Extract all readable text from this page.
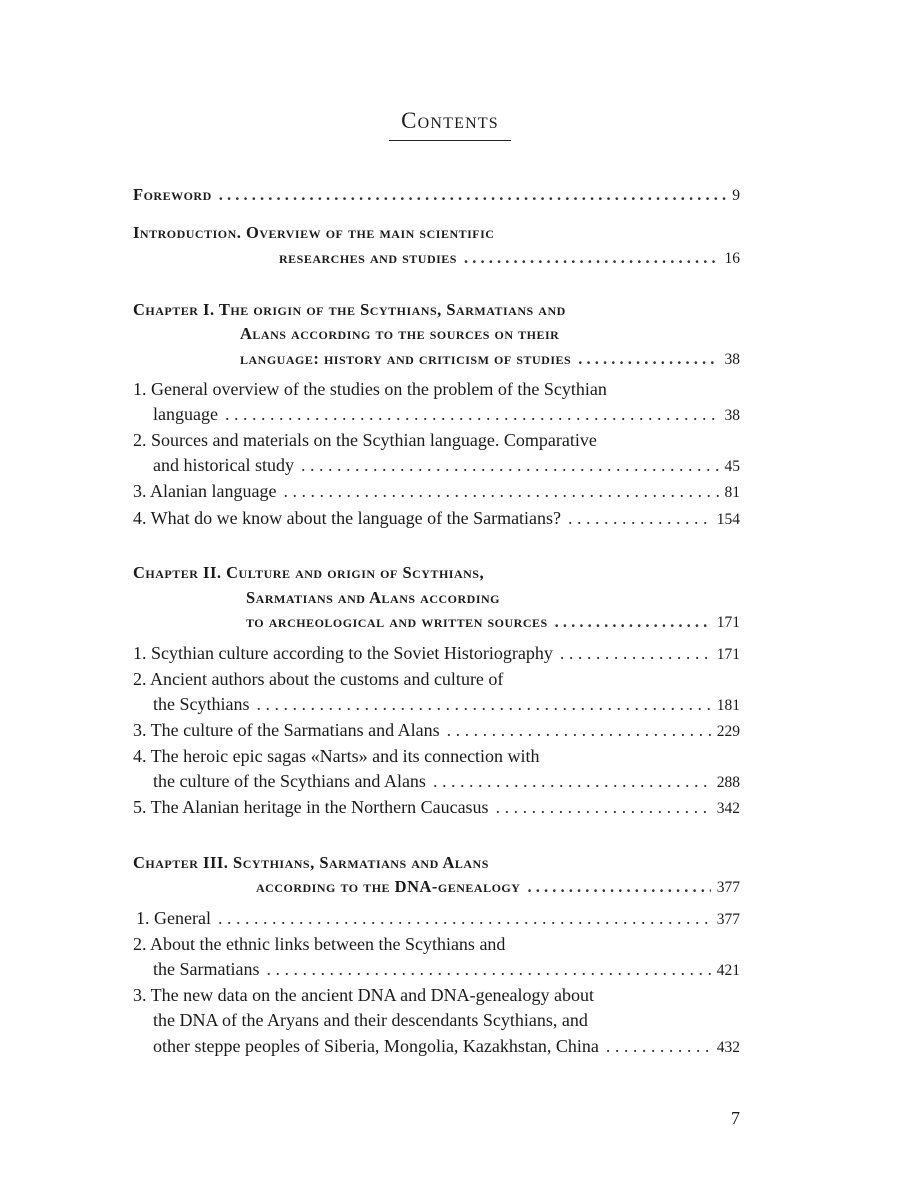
Contents
Foreword . . .	9
Introduction. Overview of the main scientific
researches and studies . . .	16
Chapter I. The origin of the Scythians, Sarmatians and
Alans according to the sources on their
language: history and criticism of studies . . .	38
1. General overview of the studies on the problem of the Scythian
language . . .	38
2. Sources and materials on the Scythian language. Comparative
and historical study . . .	45
3. Alanian language . . .	81
4. What do we know about the language of the Sarmatians? . . .	154
Chapter II. Culture and origin of Scythians,
Sarmatians and Alans according
to archeological and written sources . . .	171
1. Scythian culture according to the Soviet Historiography . . .	171
2. Ancient authors about the customs and culture of
the Scythians . . .	181
3. The culture of the Sarmatians and Alans . . .	229
4. The heroic epic sagas «Narts» and its connection with
the culture of the Scythians and Alans . . .	288
5. The Alanian heritage in the Northern Caucasus . . .	342
Chapter III. Scythians, Sarmatians and Alans
according to the DNA-genealogy . . .	377
1. General . . .	377
2. About the ethnic links between the Scythians and
the Sarmatians . . .	421
3. The new data on the ancient DNA and DNA-genealogy about
the DNA of the Aryans and their descendants Scythians, and
other steppe peoples of Siberia, Mongolia, Kazakhstan, China . . .	432
7
